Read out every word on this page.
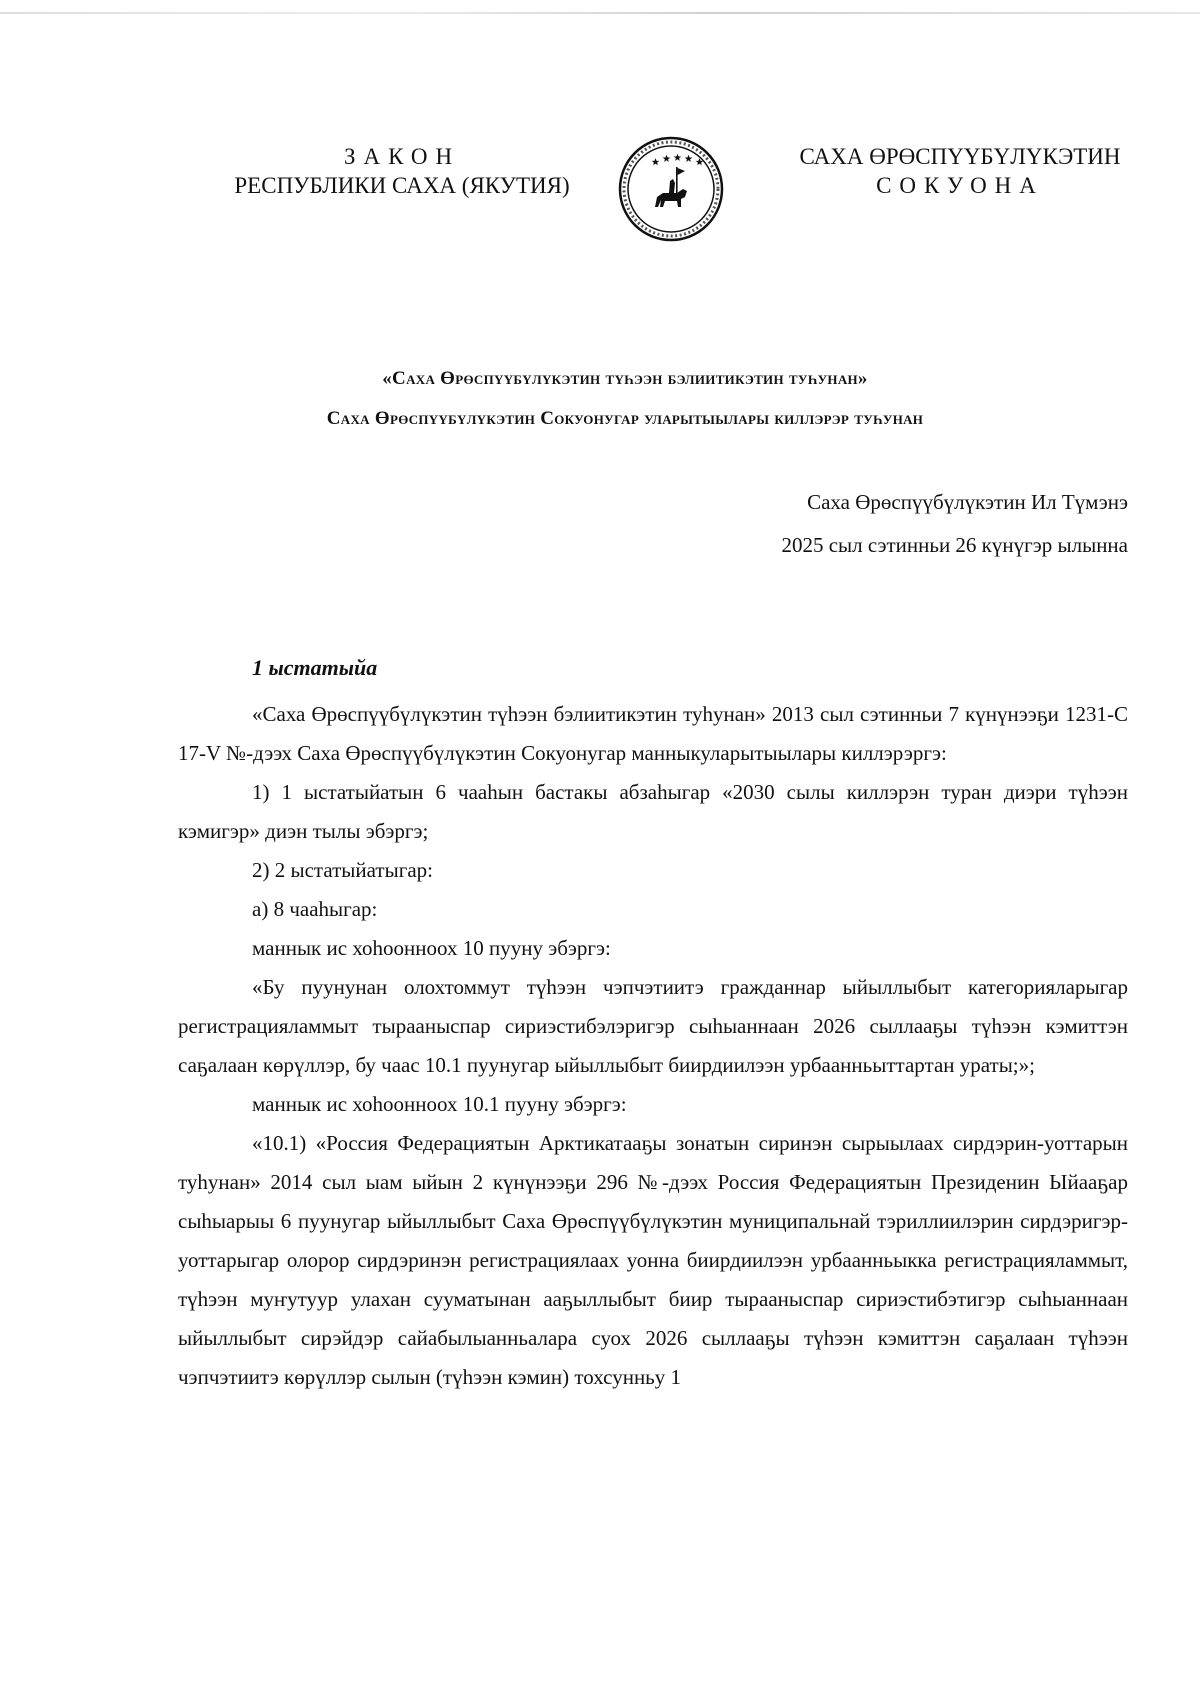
ЗАКОН
РЕСПУБЛИКИ САХА (ЯКУТИЯ)
САХА ӨРӨСПҮҮБҮЛҮКЭТИН
СОКУОНА
«Саха Өрөспүүбүлүкэтин түһээн бэлиитикэтин туһунан»
Саха Өрөспүүбүлүкэтин Сокуонугар уларытыылары киллэрэр туһунан
Саха Өрөспүүбүлүкэтин Ил Түмэнэ
2025 сыл сэтинньи 26 күнүгэр ылынна
1 ыстатыйа

«Саха Өрөспүүбүлүкэтин түһээн бэлиитикэтин туһунан» 2013 сыл сэтинньи 7 күнүнээҕи 1231-С 17-V №-дээх Саха Өрөспүүбүлүкэтин Сокуонугар манныкуларытыылары киллэрэргэ:

1) 1 ыстатыйатын 6 чааһын бастакы абзаһыгар «2030 сылы киллэрэн туран диэри түһээн кэмигэр» диэн тылы эбэргэ;

2) 2 ыстатыйатыгар:

а) 8 чааһыгар:

маннык ис хоһоонноох 10 пууну эбэргэ:

«Бу пуунунан олохтоммут түһээн чэпчэтиитэ гражданнар ыйыллыбыт категорияларыгар регистрацияламмыт тырааныспар сириэстибэлэригэр сыһыаннаан 2026 сыллааҕы түһээн кэмиттэн саҕалаан көрүллэр, бу чаас 10.1 пуунугар ыйыллыбыт биирдиилээн урбаанньыттартан ураты;»;

маннык ис хоһоонноох 10.1 пууну эбэргэ:

«10.1) «Россия Федерациятын Арктикатааҕы зонатын сиринэн сырыылаах сирдэрин-уоттарын туһунан» 2014 сыл ыам ыйын 2 күнүнээҕи 296 №-дээх Россия Федерациятын Президенин Ыйааҕар сыһыарыы 6 пуунугар ыйыллыбыт Саха Өрөспүүбүлүкэтин муниципальнай тэриллиилэрин сирдэригэр-уоттарыгар олорор сирдэринэн регистрациялаах уонна биирдиилээн урбаанньыкка регистрацияламмыт, түһээн муҥутуур улахан сууматынан ааҕыллыбыт биир тырааныспар сириэстибэтигэр сыһыаннаан ыйыллыбыт сирэйдэр сайабылыанньалара суох 2026 сыллааҕы түһээн кэмиттэн саҕалаан түһээн чэпчэтиитэ көрүллэр сылын (түһээн кэмин) тохсунньу 1
